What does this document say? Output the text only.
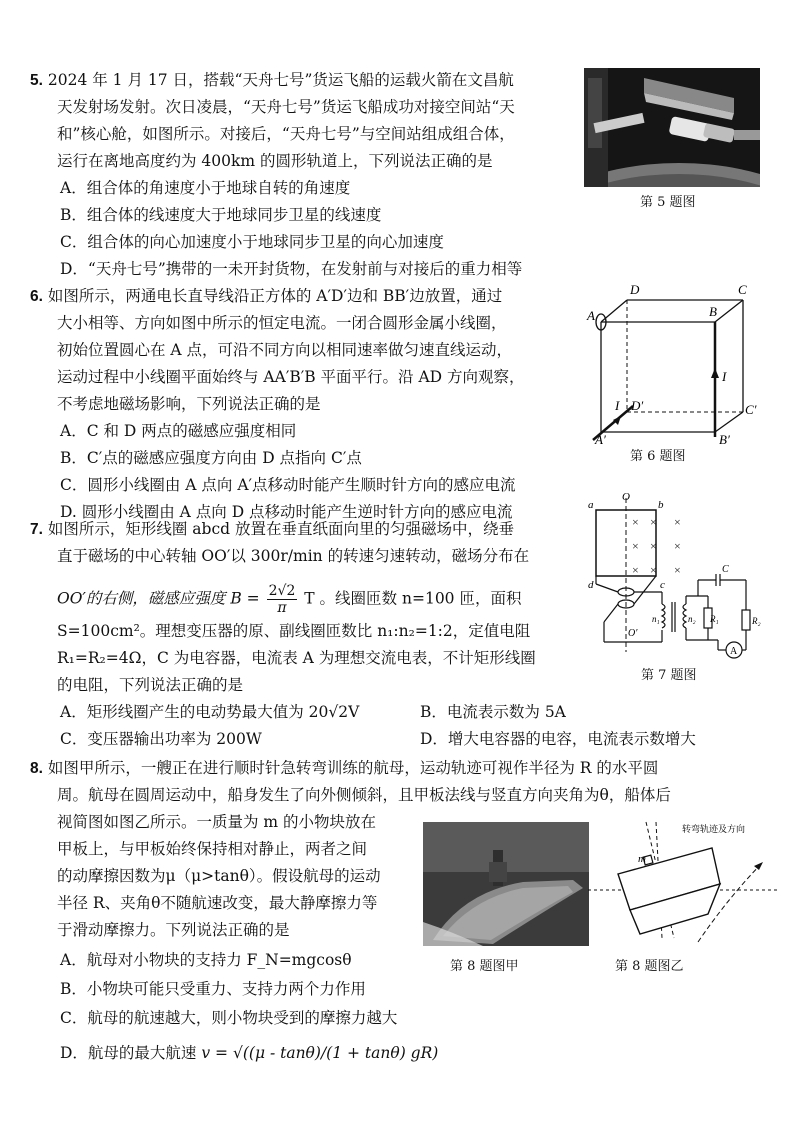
5. 2024 年 1 月 17 日，搭载“天舟七号”货运飞船的运载火箭在文昌航
天发射场发射。次日凌晨，“天舟七号”货运飞船成功对接空间站“天
和”核心舱，如图所示。对接后，“天舟七号”与空间站组成组合体，
运行在离地高度约为 400km 的圆形轨道上，下列说法正确的是
A．组合体的角速度小于地球自转的角速度
B．组合体的线速度大于地球同步卫星的线速度
C．组合体的向心加速度小于地球同步卫星的向心加速度
D．“天舟七号”携带的一未开封货物，在发射前与对接后的重力相等
第 5 题图
6. 如图所示，两通电长直导线沿正方体的 A′D′边和 BB′边放置，通过
大小相等、方向如图中所示的恒定电流。一闭合圆形金属小线圈，
初始位置圆心在 A 点，可沿不同方向以相同速率做匀速直线运动，
运动过程中小线圈平面始终与 AA′B′B 平面平行。沿 AD 方向观察，
不考虑地磁场影响，下列说法正确的是
A．C 和 D 两点的磁感应强度相同
B．C′点的磁感应强度方向由 D 点指向 C′点
C．圆形小线圈由 A 点向 A′点移动时能产生顺时针方向的感应电流
D. 圆形小线圈由 A 点向 D 点移动时能产生逆时针方向的感应电流
D	C
A	B
I
I D′	C′
A′	B′
第 6 题图
7. 如图所示，矩形线圈 abcd 放置在垂直纸面向里的匀强磁场中，绕垂
直于磁场的中心转轴 OO′以 300r/min 的转速匀速转动，磁场分布在
OO′的右侧，磁感应强度 $B = \frac{2√2}{\pi}$ T 。线圈匝数 n=100 匝，面积
S=100cm²。理想变压器的原、副线圈匝数比 n₁:n₂=1:2，定值电阻
R₁=R₂=4Ω，C 为电容器，电流表 A 为理想交流电表，不计矩形线圈
的电阻，下列说法正确的是
A．矩形线圈产生的电动势最大值为 20√2V	B．电流表示数为 5A
C．变压器输出功率为 200W	D．增大电容器的电容，电流表示数增大
× × ×
× × ×
× × ×
a	b
c
d
O
O′
C
n₁	n₂ R₁	R₂
A
第 7 题图
8. 如图甲所示，一艘正在进行顺时针急转弯训练的航母，运动轨迹可视作半径为 R 的水平圆
周。航母在圆周运动中，船身发生了向外侧倾斜，且甲板法线与竖直方向夹角为θ，船体后
视简图如图乙所示。一质量为 m 的小物块放在
甲板上，与甲板始终保持相对静止，两者之间
的动摩擦因数为μ（μ>tanθ）。假设航母的运动
半径 R、夹角θ不随航速改变，最大静摩擦力等
于滑动摩擦力。下列说法正确的是
A．航母对小物块的支持力 F_N=mgcosθ
B．小物块可能只受重力、支持力两个力作用
C．航母的航速越大，则小物块受到的摩擦力越大
D．航母的最大航速 v = √((μ - tanθ)/(1 + tanθ) gR)
第 8 题图甲
m
转弯轨迹及方向
第 8 题图乙
